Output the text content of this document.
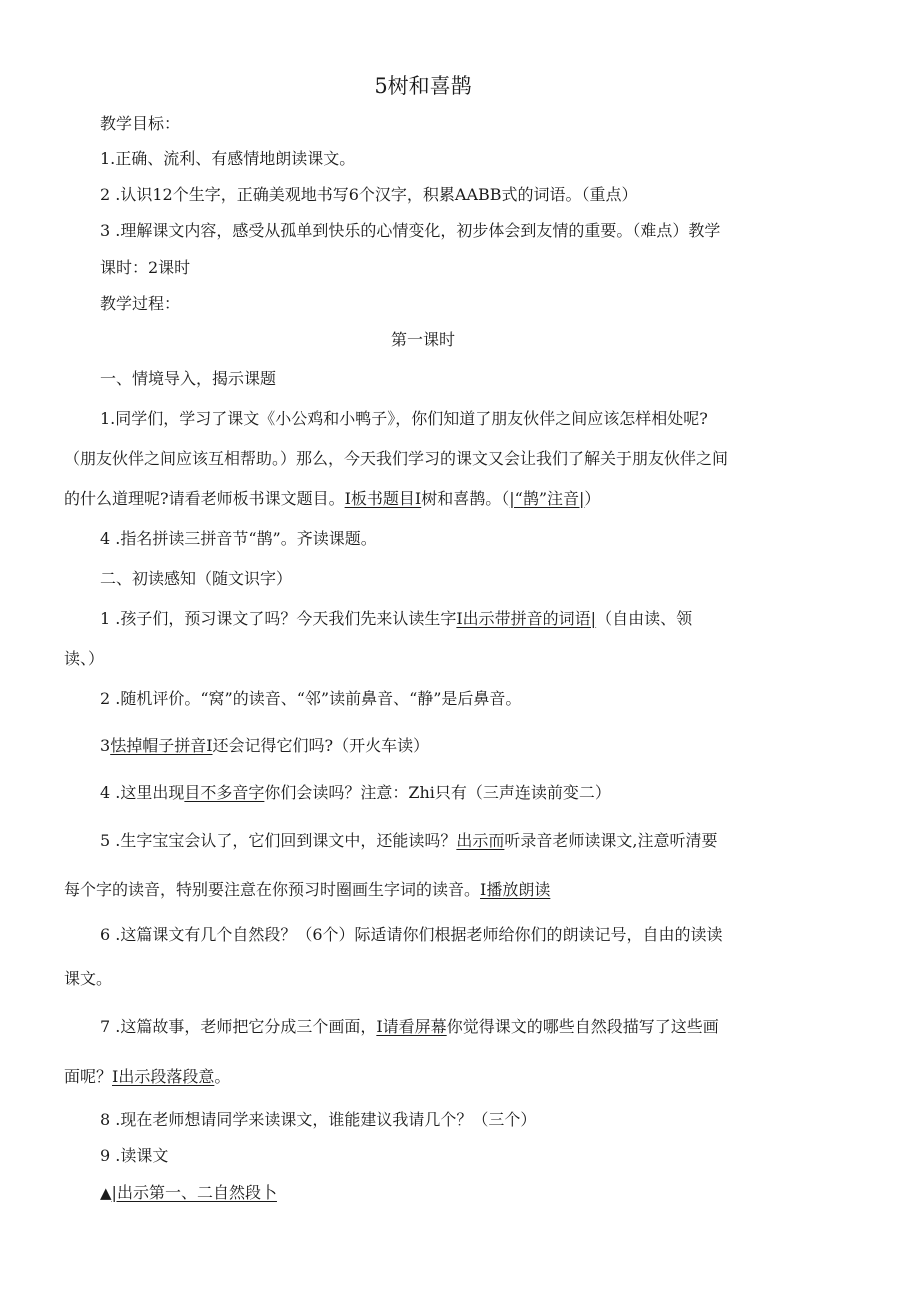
5树和喜鹊
教学目标：
1.正确、流利、有感情地朗读课文。
2 .认识12个生字，正确美观地书写6个汉字，积累AABB式的词语。（重点）
3 .理解课文内容，感受从孤单到快乐的心情变化，初步体会到友情的重要。（难点）教学
课时：2课时
教学过程：
第一课时
一、情境导入，揭示课题
1.同学们，学习了课文《小公鸡和小鸭子》，你们知道了朋友伙伴之间应该怎样相处呢?
（朋友伙伴之间应该互相帮助。）那么，今天我们学习的课文又会让我们了解关于朋友伙伴之间
的什么道理呢?请看老师板书课文题目。I板书题目I树和喜鹊。（|“鹊”注音|）
4 .指名拼读三拼音节“鹊”。齐读课题。
二、初读感知（随文识字）
1 .孩子们，预习课文了吗？今天我们先来认读生字I出示带拼音的词语|（自由读、领
读、）
2 .随机评价。“窝”的读音、“邻”读前鼻音、“静”是后鼻音。
3怯掉帽子拼音I还会记得它们吗?（开火车读）
4 .这里出现目不多音字你们会读吗？注意：Zhi只有（三声连读前变二）
5 .生字宝宝会认了，它们回到课文中，还能读吗？出示而听录音老师读课文,注意听清要
每个字的读音，特别要注意在你预习时圈画生字词的读音。I播放朗读
6 .这篇课文有几个自然段？（6个）际适请你们根据老师给你们的朗读记号，自由的读读
课文。
7 .这篇故事，老师把它分成三个画面，I请看屏幕你觉得课文的哪些自然段描写了这些画
面呢？I出示段落段意。
8 .现在老师想请同学来读课文，谁能建议我请几个？（三个）
9 .读课文
▲|出示第一、二自然段卜
